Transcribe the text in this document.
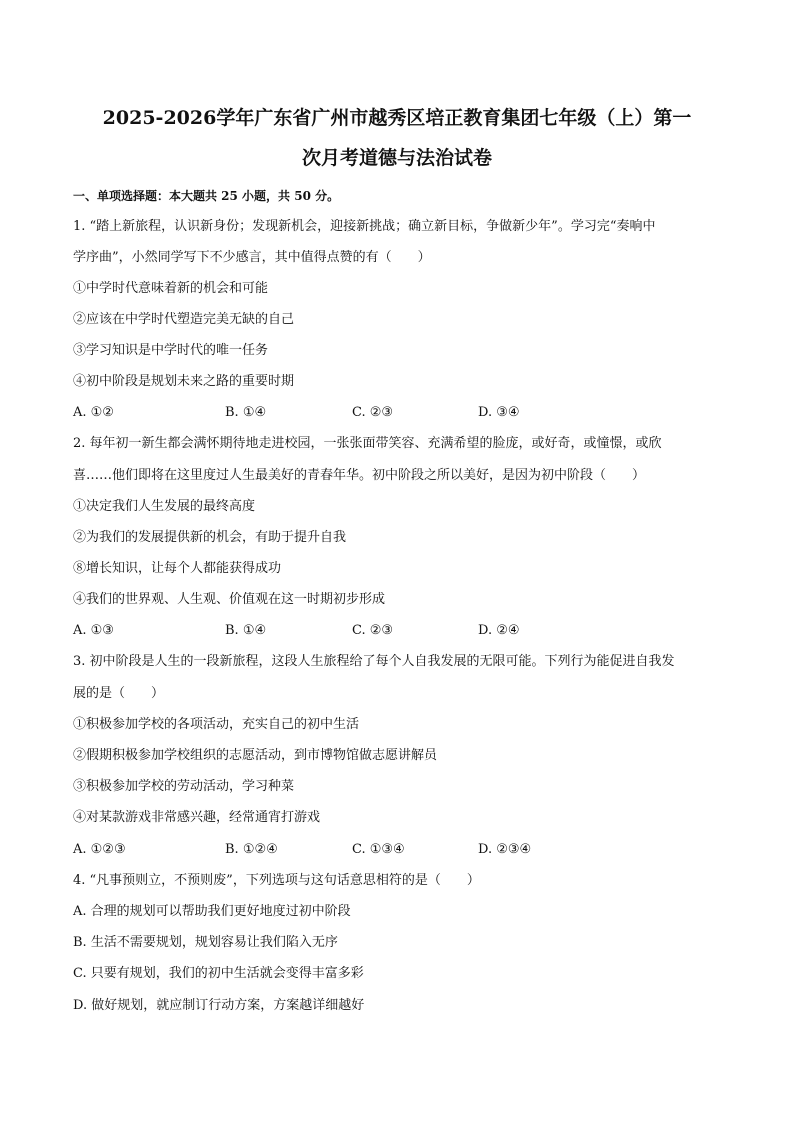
2025-2026学年广东省广州市越秀区培正教育集团七年级（上）第一
次月考道德与法治试卷
一、单项选择题：本大题共 25 小题，共 50 分。
1. “踏上新旅程，认识新身份；发现新机会，迎接新挑战；确立新目标，争做新少年”。学习完“奏响中
学序曲”，小然同学写下不少感言，其中值得点赞的有（　　）
①中学时代意味着新的机会和可能
②应该在中学时代塑造完美无缺的自己
③学习知识是中学时代的唯一任务
④初中阶段是规划未来之路的重要时期
A. ①②	B. ①④	C. ②③	D. ③④
2. 每年初一新生都会满怀期待地走进校园，一张张面带笑容、充满希望的脸庞，或好奇，或憧憬，或欣
喜……他们即将在这里度过人生最美好的青春年华。初中阶段之所以美好，是因为初中阶段（　　）
①决定我们人生发展的最终高度
②为我们的发展提供新的机会，有助于提升自我
⑧增长知识，让每个人都能获得成功
④我们的世界观、人生观、价值观在这一时期初步形成
A. ①③	B. ①④	C. ②③	D. ②④
3. 初中阶段是人生的一段新旅程，这段人生旅程给了每个人自我发展的无限可能。下列行为能促进自我发
展的是（　　）
①积极参加学校的各项活动，充实自己的初中生活
②假期积极参加学校组织的志愿活动，到市博物馆做志愿讲解员
③积极参加学校的劳动活动，学习种菜
④对某款游戏非常感兴趣，经常通宵打游戏
A. ①②③	B. ①②④	C. ①③④	D. ②③④
4. “凡事预则立，不预则废”，下列选项与这句话意思相符的是（　　）
A. 合理的规划可以帮助我们更好地度过初中阶段
B. 生活不需要规划，规划容易让我们陷入无序
C. 只要有规划，我们的初中生活就会变得丰富多彩
D. 做好规划，就应制订行动方案，方案越详细越好
